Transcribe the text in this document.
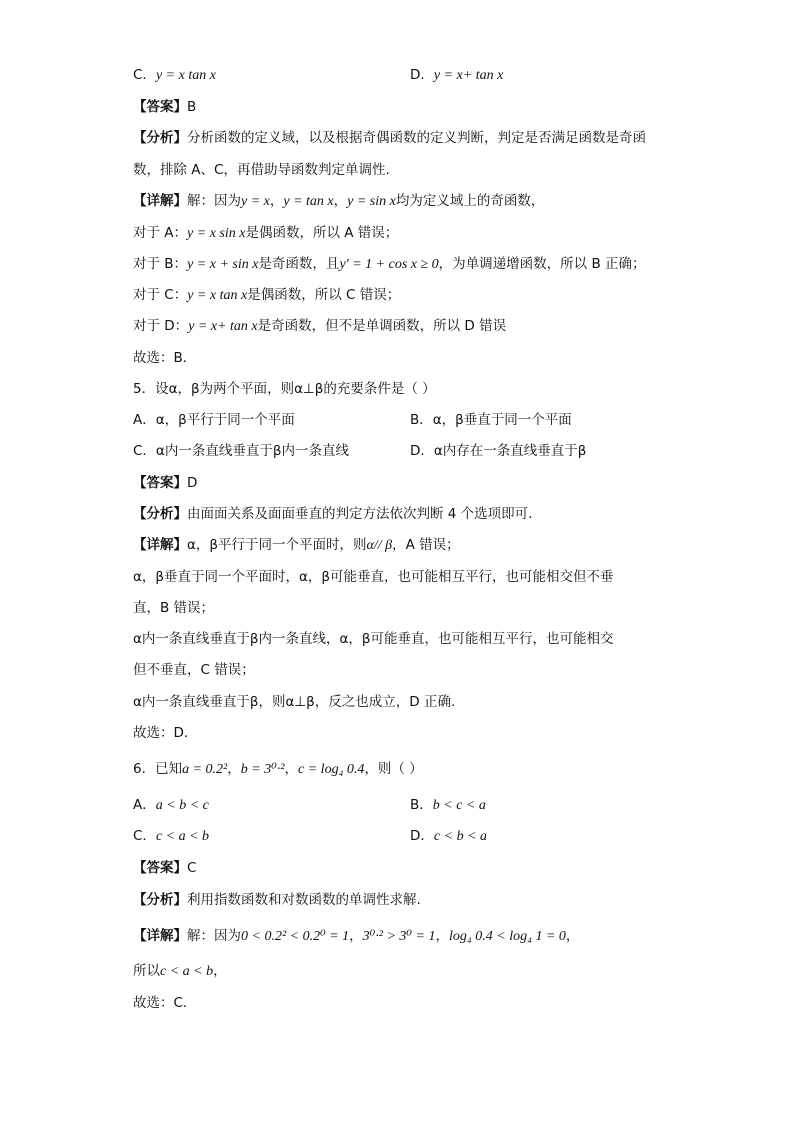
C．y = x tan x	D．y = x+ tan x
【答案】B
【分析】分析函数的定义域，以及根据奇偶函数的定义判断，判定是否满足函数是奇函
数，排除 A、C，再借助导函数判定单调性.
【详解】解：因为y = x，y = tan x，y = sin x均为定义域上的奇函数，
对于 A：y = x sin x是偶函数，所以 A 错误；
对于 B：y = x + sin x是奇函数，且y′ = 1 + cos x ≥ 0，为单调递增函数，所以 B 正确；
对于 C：y = x tan x是偶函数，所以 C 错误；
对于 D：y = x+ tan x是奇函数，但不是单调函数，所以 D 错误
故选：B．
5．设α，β为两个平面，则α⊥β的充要条件是（ ）
A．α，β平行于同一个平面	B．α，β垂直于同一个平面
C．α内一条直线垂直于β内一条直线	D．α内存在一条直线垂直于β
【答案】D
【分析】由面面关系及面面垂直的判定方法依次判断 4 个选项即可.
【详解】α，β平行于同一个平面时，则α// β，A 错误；
α，β垂直于同一个平面时，α，β可能垂直，也可能相互平行，也可能相交但不垂
直，B 错误；
α内一条直线垂直于β内一条直线，α，β可能垂直，也可能相互平行，也可能相交
但不垂直，C 错误；
α内一条直线垂直于β，则α⊥β，反之也成立，D 正确.
故选：D．
6．已知a = 0.2²，b = 3⁰·²，c = log₄ 0.4，则（ ）
A．a < b < c	B．b < c < a
C．c < a < b	D．c < b < a
【答案】C
【分析】利用指数函数和对数函数的单调性求解.
【详解】解：因为0 < 0.2² < 0.2⁰ = 1，3⁰·² > 3⁰ = 1，log₄ 0.4 < log₄ 1 = 0，
所以c < a < b，
故选：C．
